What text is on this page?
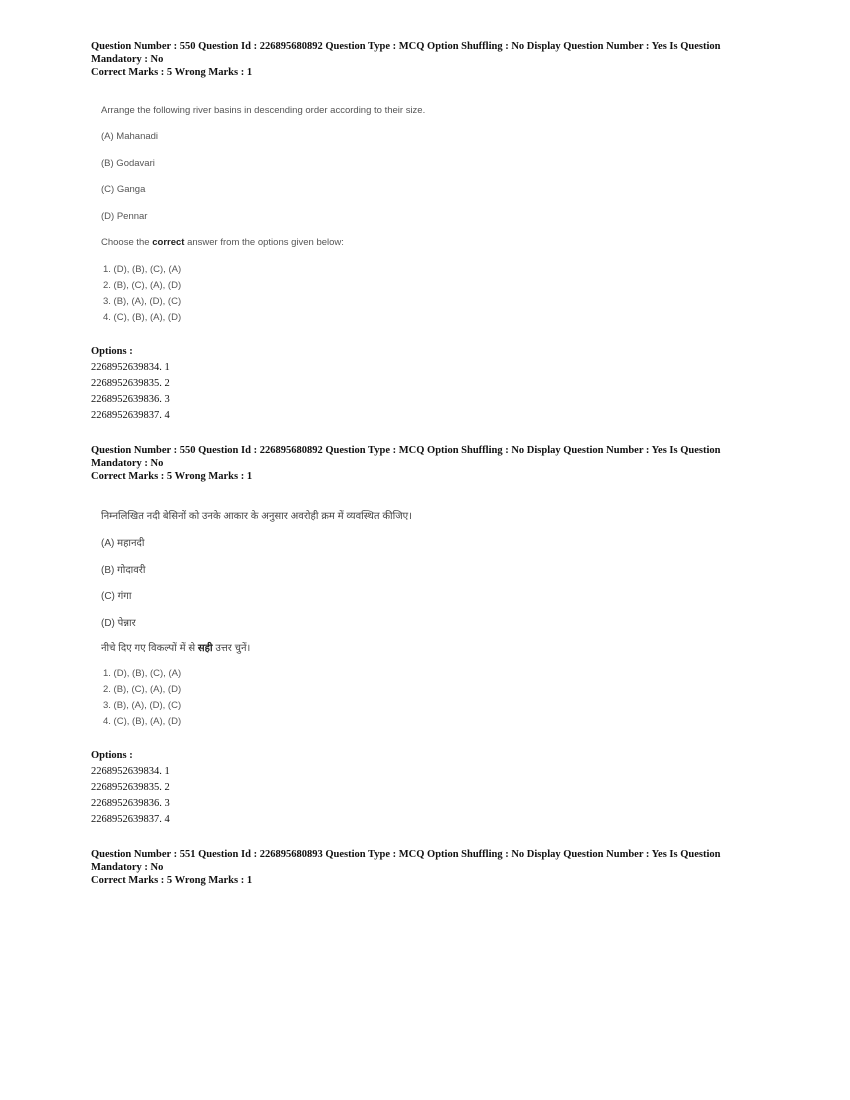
Question Number : 550 Question Id : 226895680892 Question Type : MCQ Option Shuffling : No Display Question Number : Yes Is Question
Mandatory : No
Correct Marks : 5 Wrong Marks : 1
Arrange the following river basins in descending order according to their size.
(A) Mahanadi
(B) Godavari
(C) Ganga
(D) Pennar
Choose the correct answer from the options given below:
1. (D), (B), (C), (A)
2. (B), (C), (A), (D)
3. (B), (A), (D), (C)
4. (C), (B), (A), (D)
Options :
2268952639834. 1
2268952639835. 2
2268952639836. 3
2268952639837. 4
Question Number : 550 Question Id : 226895680892 Question Type : MCQ Option Shuffling : No Display Question Number : Yes Is Question
Mandatory : No
Correct Marks : 5 Wrong Marks : 1
निम्नलिखित नदी बेसिनों को उनके आकार के अनुसार अवरोही क्रम में व्यवस्थित कीजिए।
(A) महानदी
(B) गोदावरी
(C) गंगा
(D) पेन्नार
नीचे दिए गए विकल्पों में से सही उत्तर चुनें।
1. (D), (B), (C), (A)
2. (B), (C), (A), (D)
3. (B), (A), (D), (C)
4. (C), (B), (A), (D)
Options :
2268952639834. 1
2268952639835. 2
2268952639836. 3
2268952639837. 4
Question Number : 551 Question Id : 226895680893 Question Type : MCQ Option Shuffling : No Display Question Number : Yes Is Question
Mandatory : No
Correct Marks : 5 Wrong Marks : 1
